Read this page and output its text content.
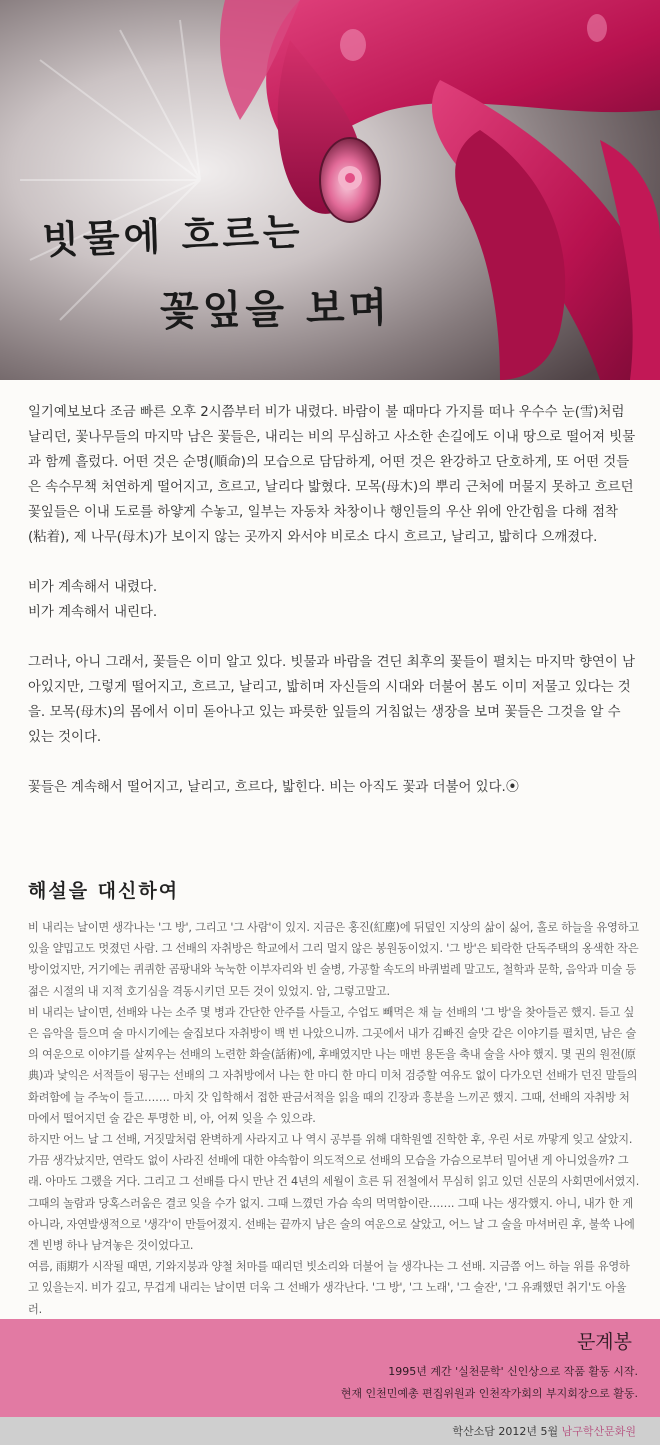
빗물에 흐르는
꽃잎을 보며

일기예보보다 조금 빠른 오후 2시쯤부터 비가 내렸다. 바람이 불 때마다 가지를 떠나 우수수 눈(雪)처럼 날리던, 꽃나무들의 마지막 남은 꽃들은, 내리는 비의 무심하고 사소한 손길에도 이내 땅으로 떨어져 빗물과 함께 흘렀다. 어떤 것은 순명(順命)의 모습으로 담담하게, 어떤 것은 완강하고 단호하게, 또 어떤 것들은 속수무책 처연하게 떨어지고, 흐르고, 날리다 밟혔다. 모목(母木)의 뿌리 근처에 머물지 못하고 흐르던 꽃잎들은 이내 도로를 하얗게 수놓고, 일부는 자동차 차창이나 행인들의 우산 위에 안간힘을 다해 점착(粘着), 제 나무(母木)가 보이지 않는 곳까지 와서야 비로소 다시 흐르고, 날리고, 밟히다 으깨졌다.

비가 계속해서 내렸다.
비가 계속해서 내린다.

그러나, 아니 그래서, 꽃들은 이미 알고 있다. 빗물과 바람을 견딘 최후의 꽃들이 펼치는 마지막 향연이 남아있지만, 그렇게 떨어지고, 흐르고, 날리고, 밟히며 자신들의 시대와 더불어 봄도 이미 저물고 있다는 것을. 모목(母木)의 몸에서 이미 돋아나고 있는 파릇한 잎들의 거침없는 생장을 보며 꽃들은 그것을 알 수 있는 것이다.

꽃들은 계속해서 떨어지고, 날리고, 흐르다, 밟힌다. 비는 아직도 꽃과 더불어 있다.⦿

해설을 대신하여

비 내리는 날이면 생각나는 '그 방', 그리고 '그 사람'이 있지. 지금은 홍진(紅塵)에 뒤덮인 지상의 삶이 싫어, 홀로 하늘을 유영하고 있을 얄밉고도 멋졌던 사람. 그 선배의 자취방은 학교에서 그리 멀지 않은 봉원동이었지. '그 방'은 퇴락한 단독주택의 옹색한 작은 방이었지만, 거기에는 퀴퀴한 곰팡내와 눅눅한 이부자리와 빈 술병, 가공할 속도의 바퀴벌레 말고도, 철학과 문학, 음악과 미술 등 젊은 시절의 내 지적 호기심을 격동시키던 모든 것이 있었지. 암, 그렇고말고.

비 내리는 날이면, 선배와 나는 소주 몇 병과 간단한 안주를 사들고, 수업도 빼먹은 채 늘 선배의 '그 방'을 찾아들곤 했지. 듣고 싶은 음악을 들으며 술 마시기에는 술집보다 자취방이 백 번 나았으니까. 그곳에서 내가 김빠진 술맛 같은 이야기를 펼치면, 남은 술의 여운으로 이야기를 살찌우는 선배의 노련한 화술(話術)에, 후배였지만 나는 매번 용돈을 축내 술을 사야 했지. 몇 권의 원전(原典)과 낯익은 서적들이 뒹구는 선배의 그 자취방에서 나는 한 마디 한 마디 미처 검증할 여유도 없이 다가오던 선배가 던진 말들의 화려함에 늘 주눅이 들고……. 마치 갓 입학해서 접한 판금서적을 읽을 때의 긴장과 흥분을 느끼곤 했지. 그때, 선배의 자취방 처마에서 떨어지던 술 같은 투명한 비, 아, 어찌 잊을 수 있으랴.

하지만 어느 날 그 선배, 거짓말처럼 완벽하게 사라지고 나 역시 공부를 위해 대학원엘 진학한 후, 우린 서로 까맣게 잊고 살았지. 가끔 생각났지만, 연락도 없이 사라진 선배에 대한 야속함이 의도적으로 선배의 모습을 가슴으로부터 밀어낸 게 아니었을까? 그래. 아마도 그랬을 거다. 그리고 그 선배를 다시 만난 건 4년의 세월이 흐른 뒤 전철에서 무심히 읽고 있던 신문의 사회면에서였지. 그때의 놀람과 당혹스러움은 결코 잊을 수가 없지. 그때 느꼈던 가슴 속의 먹먹함이란……. 그때 나는 생각했지. 아니, 내가 한 게 아니라, 자연발생적으로 '생각'이 만들어졌지. 선배는 끝까지 남은 술의 여운으로 살았고, 어느 날 그 술을 마셔버린 후, 불쑥 나에겐 빈병 하나 남겨놓은 것이었다고.

여름, 雨期가 시작될 때면, 기와지붕과 양철 처마를 때리던 빗소리와 더불어 늘 생각나는 그 선배. 지금쯤 어느 하늘 위를 유영하고 있을는지. 비가 깊고, 무겁게 내리는 날이면 더욱 그 선배가 생각난다. '그 방', '그 노래', '그 술잔', '그 유쾌했던 취기'도 아울러.

문계봉
1995년 계간 '실천문학' 신인상으로 작품 활동 시작.
현재 인천민예총 편집위원과 인천작가회의 부지회장으로 활동.
학산소담 2012년 5월 남구학산문화원
